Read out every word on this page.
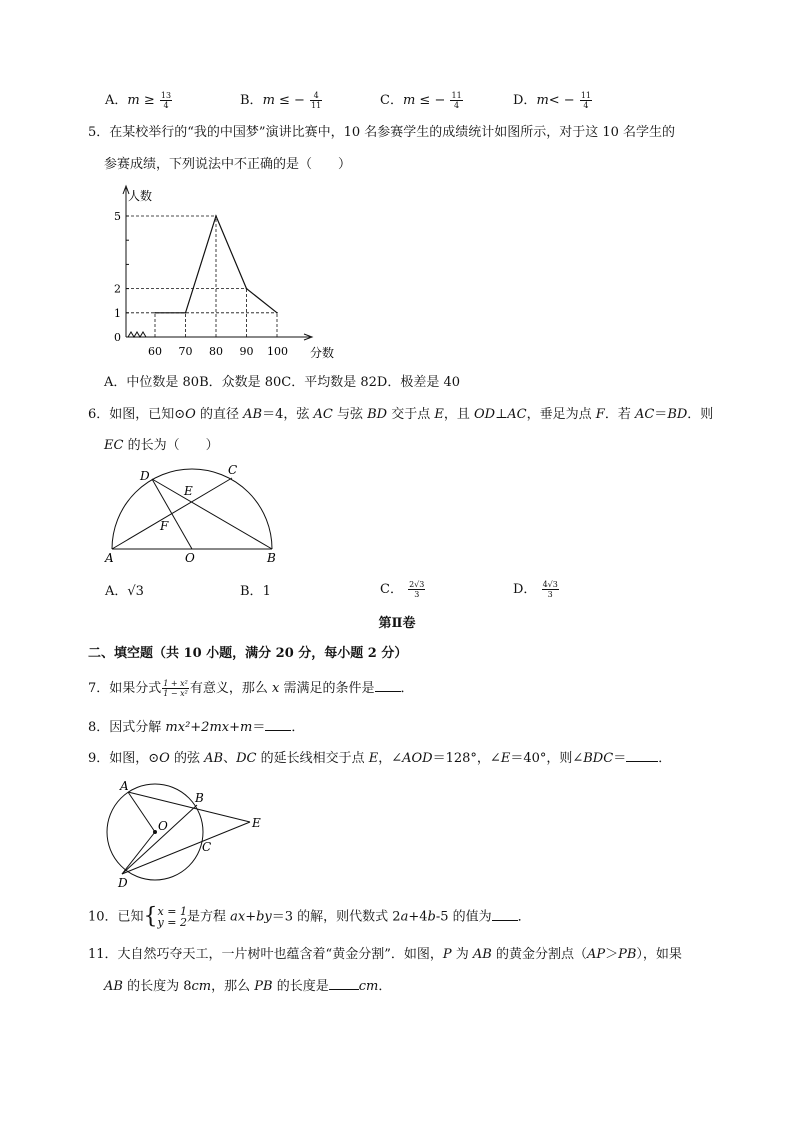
A．$m \ge \frac{13}{4}$	B．m ≤ − $\frac{4}{11}$	C．m ≤ − $\frac{11}{4}$	D．$m< - \frac{11}{4}$
5．在某校举行的“我的中国梦”演讲比赛中，10 名参赛学生的成绩统计如图所示，对于这 10 名学生的
参赛成绩，下列说法中不正确的是（　　）
人数
分数
5
2
1
0
60 70 80 90 100
A．中位数是 80B．众数是 80C．平均数是 82D．极差是 40
6．如图，已知⊙O 的直径 AB＝4，弦 AC 与弦 BD 交于点 E，且 OD⊥AC，垂足为点 F．若 AC＝BD．则
EC 的长为（　　）
D	C
E
F
A	O	B
A．√3	B．1	C． $\frac{2√3}{3}$	D． $\frac{4√3}{3}$
第Ⅱ卷
二、填空题（共 10 小题，满分 20 分，每小题 2 分）
7．如果分式 $\frac{\text{1 + x²}}{\text{1 − x²}}$ 有意义，那么 x 需满足的条件是 ．
8．因式分解 mx²+2mx+m＝ ．
9．如图，⊙O 的弦 AB、DC 的延长线相交于点 E，∠AOD＝128°，∠E＝40°，则∠BDC＝ ．
A
B
O	E
C
D
10．已知{ x = 1
y = 2 是方程 ax+by＝3 的解，则代数式 2a+4b-5 的值为 ．
11．大自然巧夺天工，一片树叶也蕴含着“黄金分割”．如图，P 为 AB 的黄金分割点（AP＞PB），如果
AB 的长度为 8cm，那么 PB 的长度是 cm．
